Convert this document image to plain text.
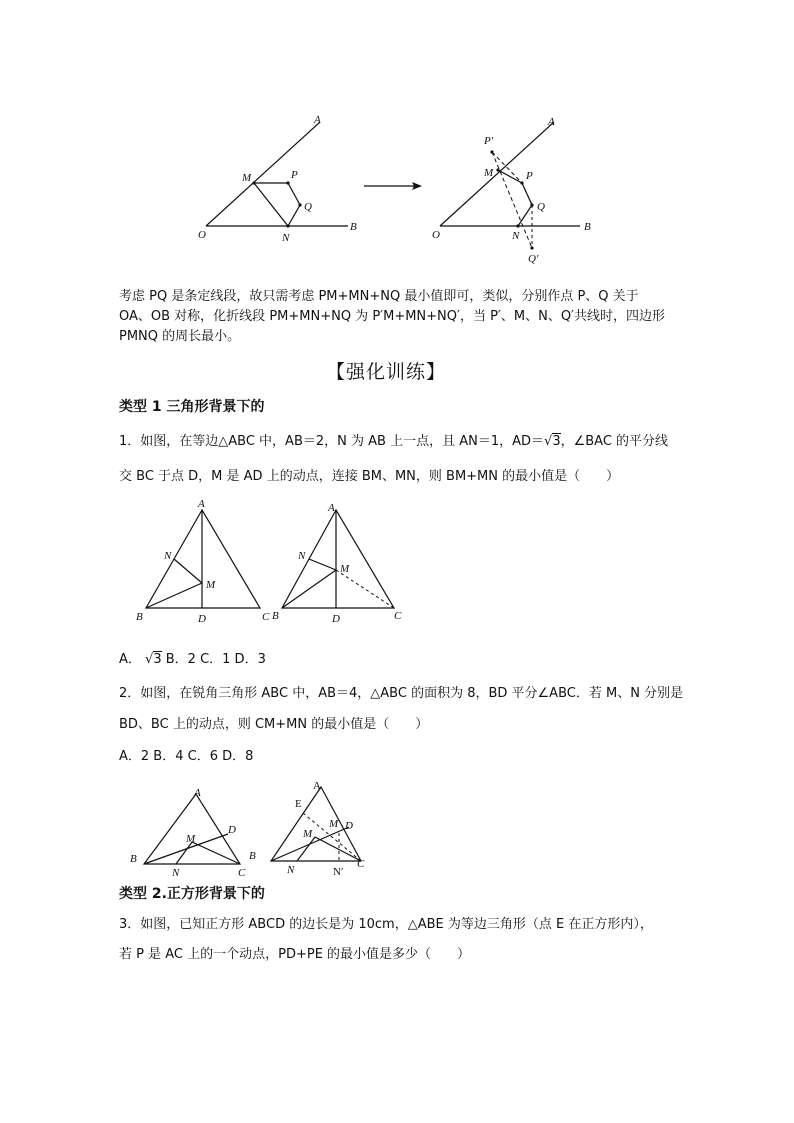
A
M	P
Q
O	N
B
P′
A
M	P
Q
O	N
B
Q′
考虑 PQ 是条定线段，故只需考虑 PM+MN+NQ 最小值即可，类似，分别作点 P、Q 关于
OA、OB 对称，化折线段 PM+MN+NQ 为 P′M+MN+NQ′，当 P′、M、N、Q′共线时，四边形
PMNQ 的周长最小。
【强化训练】
类型 1 三角形背景下的
1．如图，在等边△ABC 中，AB＝2，N 为 AB 上一点，且 AN＝1，AD＝√3，∠BAC 的平分线
交 BC 于点 D，M 是 AD 上的动点，连接 BM、MN，则 BM+MN 的最小值是（　　）
A
N
M
B	D	C
A
N
M
B	D	C
A． √3 B．2 C．1 D．3
2．如图，在锐角三角形 ABC 中，AB＝4，△ABC 的面积为 8，BD 平分∠ABC．若 M、N 分别是
BD、BC 上的动点，则 CM+MN 的最小值是（　　）
A．2 B．4 C．6 D．8
A
D
M
B
N	C
A
E
M D
M
B
N	N′
C
类型 2.正方形背景下的
3．如图，已知正方形 ABCD 的边长是为 10cm，△ABE 为等边三角形（点 E 在正方形内），
若 P 是 AC 上的一个动点，PD+PE 的最小值是多少（　　）
